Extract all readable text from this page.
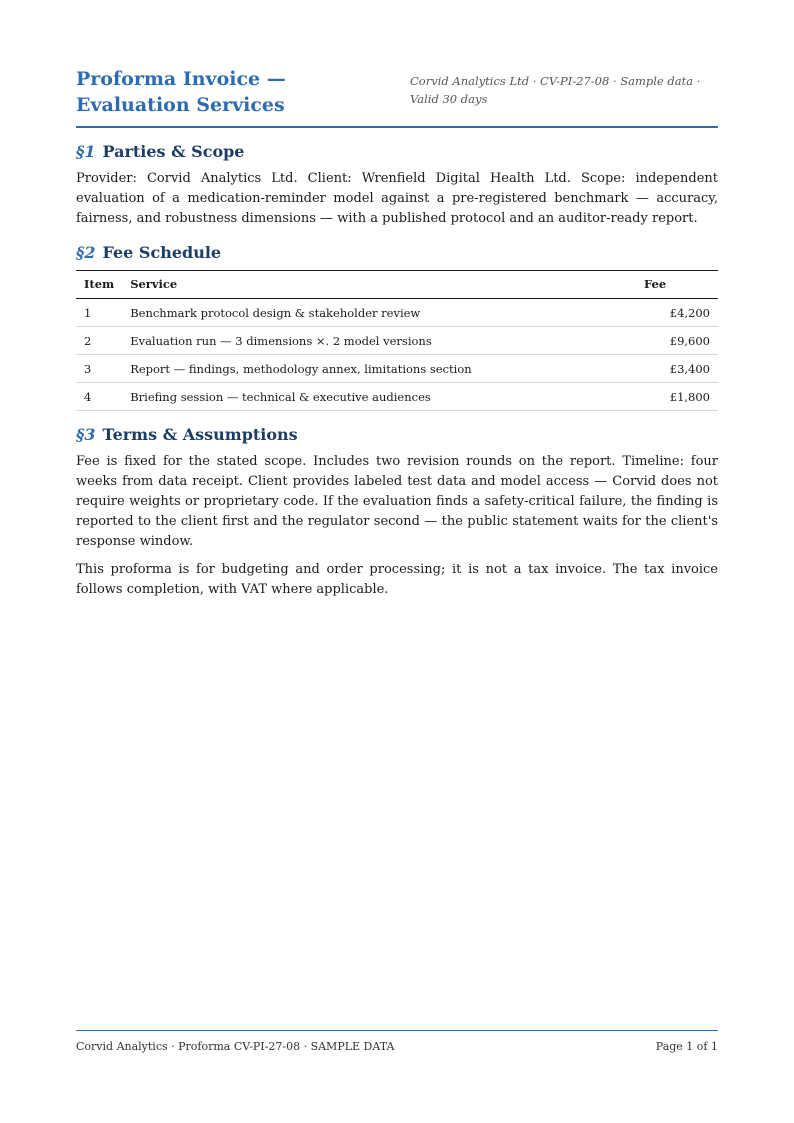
Proforma Invoice — Evaluation Services
Corvid Analytics Ltd · CV-PI-27-08 · Sample data · Valid 30 days
§1 Parties & Scope

Provider: Corvid Analytics Ltd. Client: Wrenfield Digital Health Ltd. Scope: independent evaluation of a medication-reminder model against a pre-registered benchmark — accuracy, fairness, and robustness dimensions — with a published protocol and an auditor-ready report.

§2 Fee Schedule
Item	Service	Fee
1	Benchmark protocol design & stakeholder review	£4,200
2	Evaluation run — 3 dimensions ×. 2 model versions	£9,600
3	Report — findings, methodology annex, limitations section	£3,400
4	Briefing session — technical & executive audiences	£1,800
§3 Terms & Assumptions

Fee is fixed for the stated scope. Includes two revision rounds on the report. Timeline: four weeks from data receipt. Client provides labeled test data and model access — Corvid does not require weights or proprietary code. If the evaluation finds a safety-critical failure, the finding is reported to the client first and the regulator second — the public statement waits for the client's response window.

This proforma is for budgeting and order processing; it is not a tax invoice. The tax invoice follows completion, with VAT where applicable.

Corvid Analytics · Proforma CV-PI-27-08 · SAMPLE DATA	Page 1 of 1
